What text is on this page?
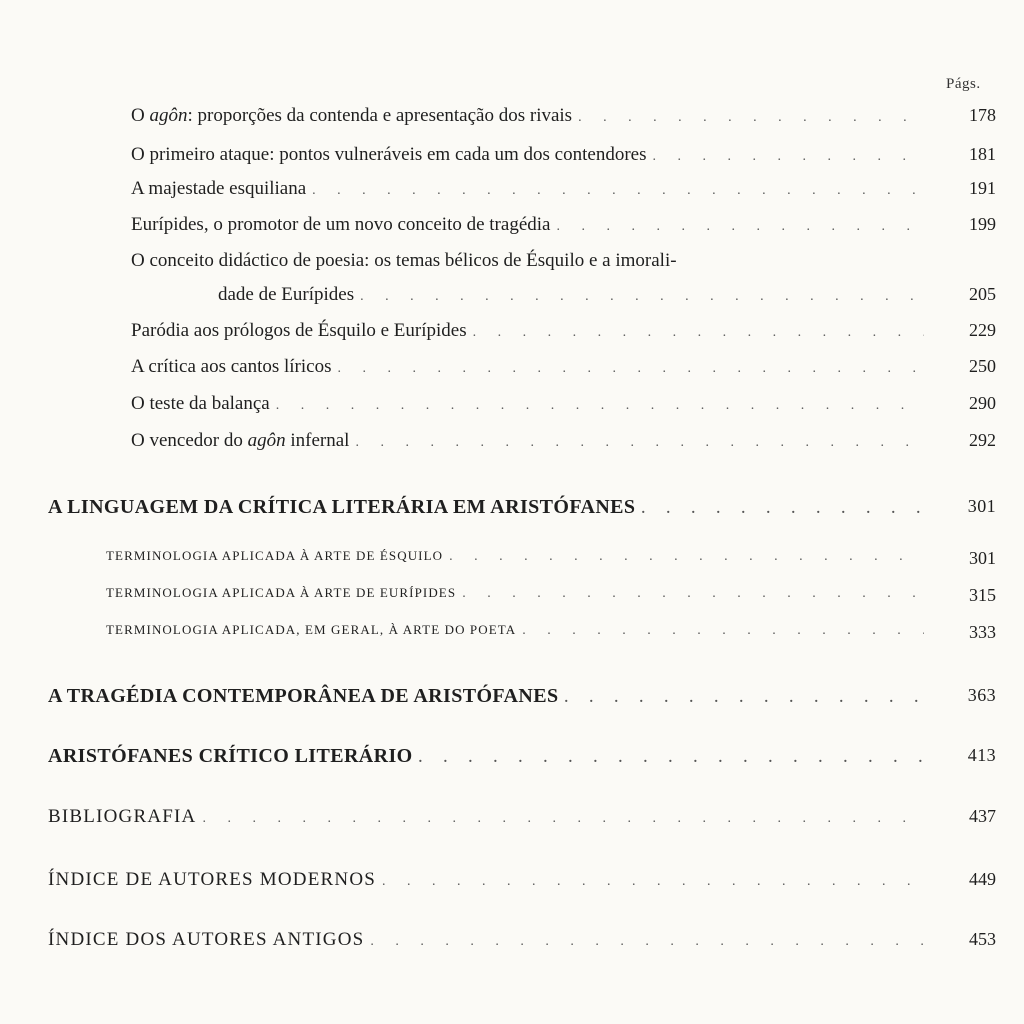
Págs.
O agôn: proporções da contenda e apresentação dos rivais . . .	178
O primeiro ataque: pontos vulneráveis em cada um dos contendores . . .	181
A majestade esquiliana . . .	191
Eurípides, o promotor de um novo conceito de tragédia . . .	199
O conceito didáctico de poesia: os temas bélicos de Ésquilo e a imorali-
dade de Eurípides . . .	205
Paródia aos prólogos de Ésquilo e Eurípides . . .	229
A crítica aos cantos líricos . . .	250
O teste da balança . . .	290
O vencedor do agôn infernal . . .	292
A LINGUAGEM DA CRÍTICA LITERÁRIA EM ARISTÓFANES . . .	301
TERMINOLOGIA APLICADA À ARTE DE ÉSQUILO . . .	301
TERMINOLOGIA APLICADA À ARTE DE EURÍPIDES . . .	315
TERMINOLOGIA APLICADA, EM GERAL, À ARTE DO POETA . . .	333
A TRAGÉDIA CONTEMPORÂNEA DE ARISTÓFANES . . .	363
ARISTÓFANES CRÍTICO LITERÁRIO . . .	413
BIBLIOGRAFIA . . .	437
ÍNDICE DE AUTORES MODERNOS . . .	449
ÍNDICE DOS AUTORES ANTIGOS . . .	453
